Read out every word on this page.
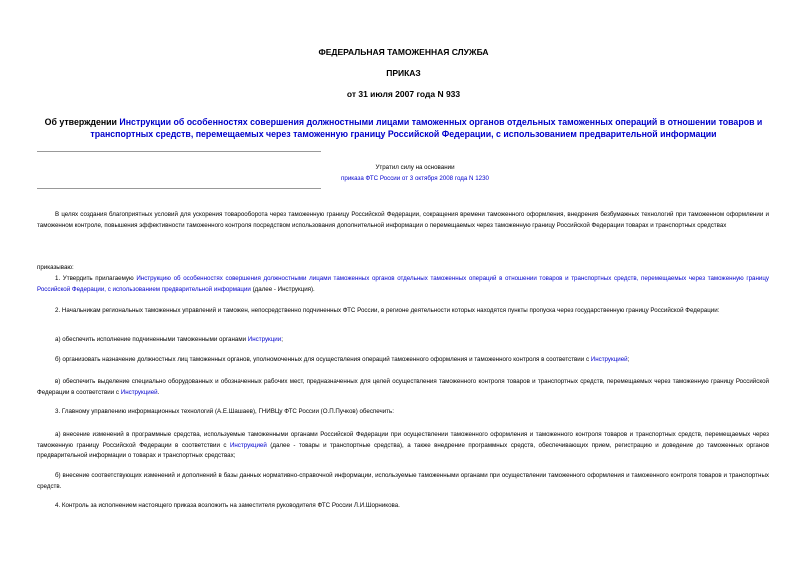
ФЕДЕРАЛЬНАЯ ТАМОЖЕННАЯ СЛУЖБА
ПРИКАЗ
от 31 июля 2007 года N 933
Об утверждении Инструкции об особенностях совершения должностными лицами таможенных органов отдельных таможенных операций в отношении товаров и транспортных средств, перемещаемых через таможенную границу Российской Федерации, с использованием предварительной информации
Утратил силу на основании
приказа ФТС России от 3 октября 2008 года N 1230
В целях создания благоприятных условий для ускорения товарооборота через таможенную границу Российской Федерации, сокращения времени таможенного оформления, внедрения безбумажных технологий при таможенном оформлении и таможенном контроле, повышения эффективности таможенного контроля посредством использования дополнительной информации о перемещаемых через таможенную границу Российской Федерации товарах и транспортных средствах
приказываю:
1. Утвердить прилагаемую Инструкцию об особенностях совершения должностными лицами таможенных органов отдельных таможенных операций в отношении товаров и транспортных средств, перемещаемых через таможенную границу Российской Федерации, с использованием предварительной информации (далее - Инструкция).
2. Начальникам региональных таможенных управлений и таможен, непосредственно подчиненных ФТС России, в регионе деятельности которых находятся пункты пропуска через государственную границу Российской Федерации:
а) обеспечить исполнение подчиненными таможенными органами Инструкции;
б) организовать назначение должностных лиц таможенных органов, уполномоченных для осуществления операций таможенного оформления и таможенного контроля в соответствии с Инструкцией;
в) обеспечить выделение специально оборудованных и обозначенных рабочих мест, предназначенных для целей осуществления таможенного контроля товаров и транспортных средств, перемещаемых через таможенную границу Российской Федерации в соответствии с Инструкцией.
3. Главному управлению информационных технологий (А.Е.Шашаев), ГНИВЦу ФТС России (О.П.Пучков) обеспечить:
а) внесение изменений в программные средства, используемые таможенными органами Российской Федерации при осуществлении таможенного оформления и таможенного контроля товаров и транспортных средств, перемещаемых через таможенную границу Российской Федерации в соответствии с Инструкцией (далее - товары и транспортные средства), а также внедрение программных средств, обеспечивающих прием, регистрацию и доведение до таможенных органов предварительной информации о товарах и транспортных средствах;
б) внесение соответствующих изменений и дополнений в базы данных нормативно-справочной информации, используемые таможенными органами при осуществлении таможенного оформления и таможенного контроля товаров и транспортных средств.
4. Контроль за исполнением настоящего приказа возложить на заместителя руководителя ФТС России Л.И.Шорникова.
